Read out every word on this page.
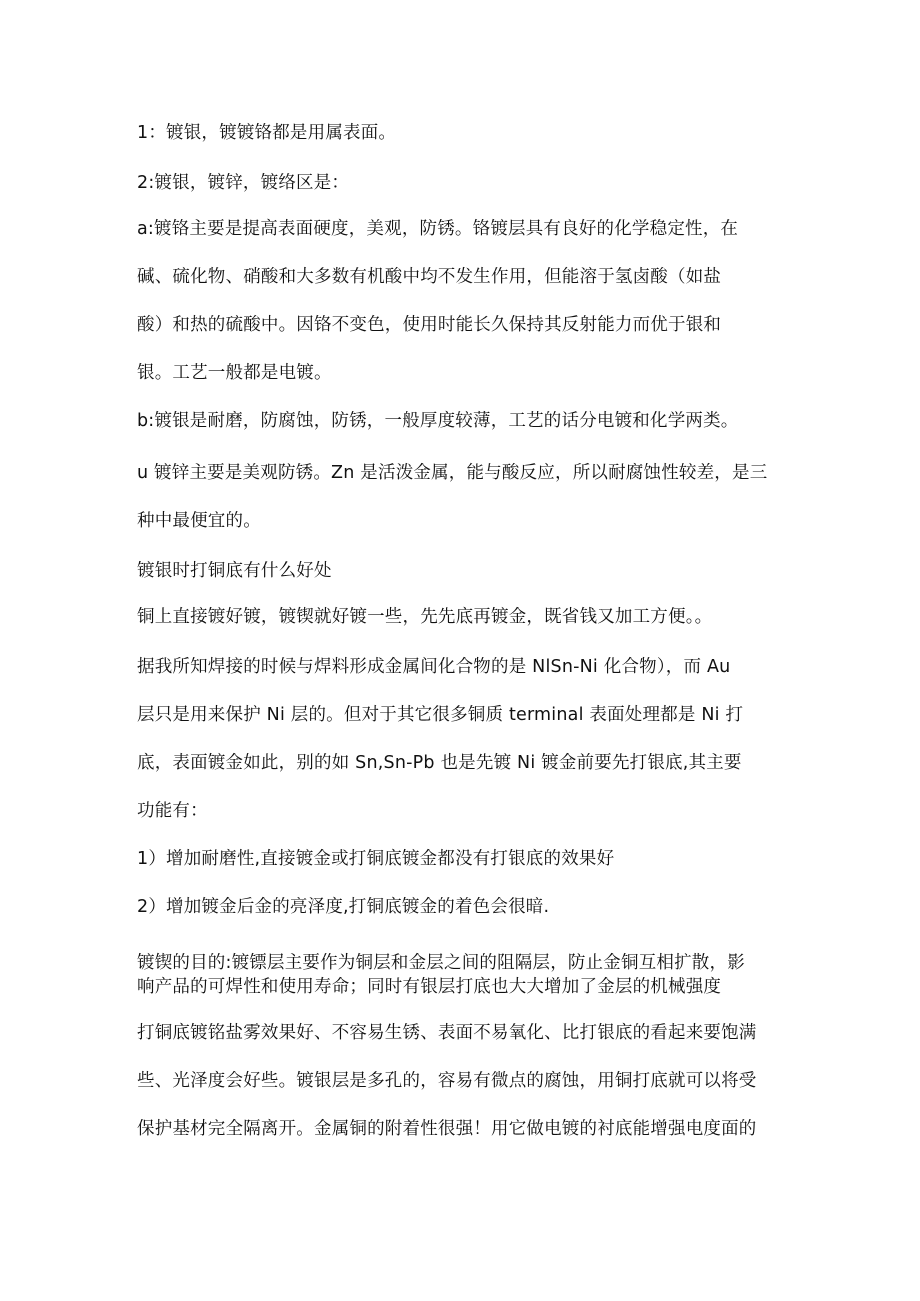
1：镀银，镀镀铬都是用属表面。
2:镀银，镀锌，镀络区是：
a:镀铬主要是提高表面硬度，美观，防锈。铬镀层具有良好的化学稳定性，在
碱、硫化物、硝酸和大多数有机酸中均不发生作用，但能溶于氢卤酸（如盐
酸）和热的硫酸中。因铬不变色，使用时能长久保持其反射能力而优于银和
银。工艺一般都是电镀。
b:镀银是耐磨，防腐蚀，防锈，一般厚度较薄，工艺的话分电镀和化学两类。
u 镀锌主要是美观防锈。Zn 是活泼金属，能与酸反应，所以耐腐蚀性较差，是三
种中最便宜的。
镀银时打铜底有什么好处
铜上直接镀好镀，镀锲就好镀一些，先先底再镀金，既省钱又加工方便。。
据我所知焊接的时候与焊料形成金属间化合物的是 NlSn-Ni 化合物），而 Au
层只是用来保护 Ni 层的。但对于其它很多铜质 terminal 表面处理都是 Ni 打
底，表面镀金如此，别的如 Sn,Sn-Pb 也是先镀 Ni 镀金前要先打银底,其主要
功能有：
1）增加耐磨性,直接镀金或打铜底镀金都没有打银底的效果好
2）增加镀金后金的亮泽度,打铜底镀金的着色会很暗.
镀锲的目的:镀镖层主要作为铜层和金层之间的阻隔层，防止金铜互相扩散，影
响产品的可焊性和使用寿命；同时有银层打底也大大增加了金层的机械强度
打铜底镀铭盐雾效果好、不容易生锈、表面不易氧化、比打银底的看起来要饱满
些、光泽度会好些。镀银层是多孔的，容易有微点的腐蚀，用铜打底就可以将受
保护基材完全隔离开。金属铜的附着性很强！用它做电镀的衬底能增强电度面的
